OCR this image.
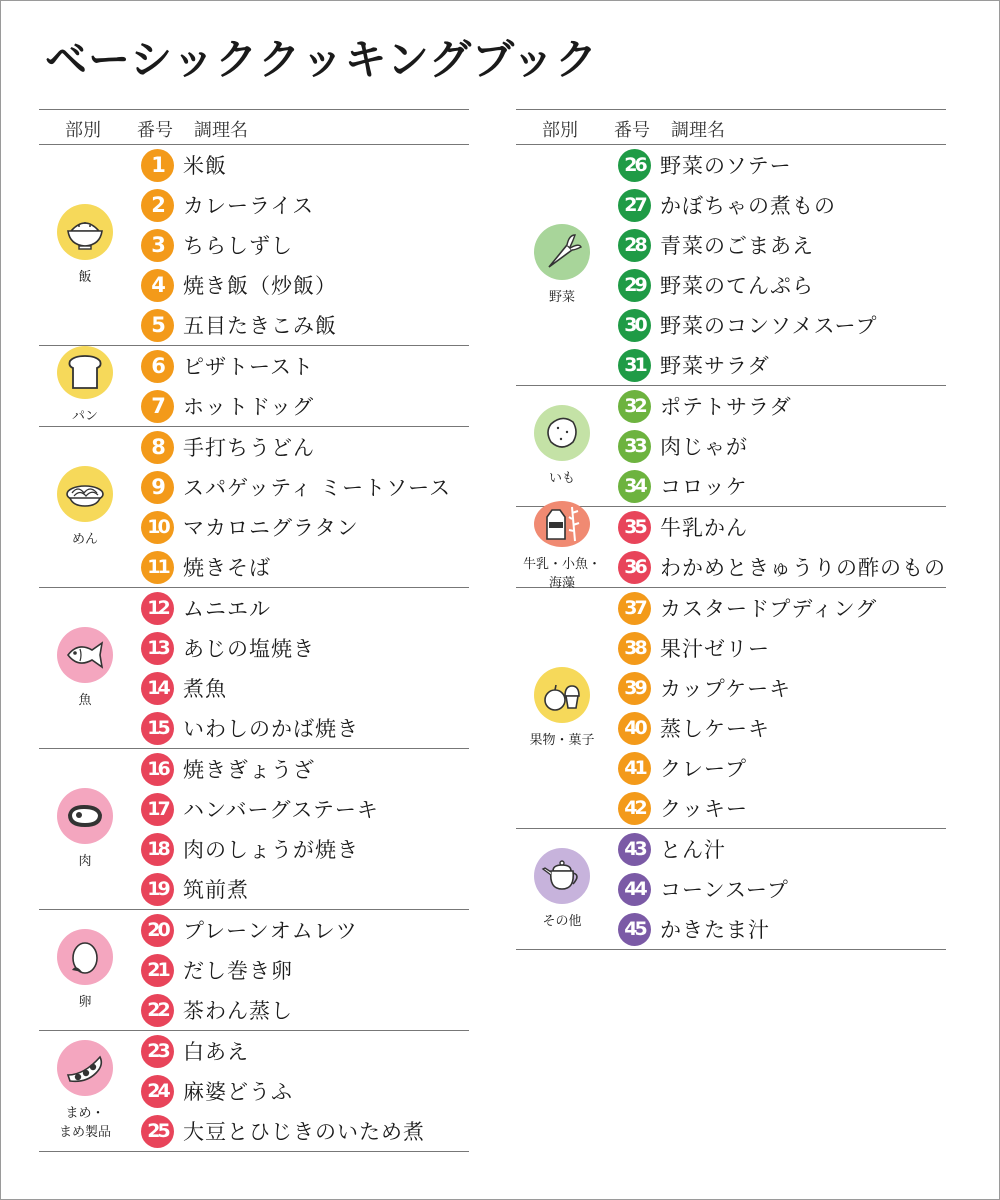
ベーシッククッキングブック
部別 番号 調理名
飯
1 米飯
2 カレーライス
3 ちらしずし
4 焼き飯（炒飯）
5 五目たきこみ飯
パン
6 ピザトースト
7 ホットドッグ
めん
8 手打ちうどん
9 スパゲッティ ミートソース
10 マカロニグラタン
11 焼きそば
魚
12 ムニエル
13 あじの塩焼き
14 煮魚
15 いわしのかば焼き
肉
16 焼きぎょうざ
17 ハンバーグステーキ
18 肉のしょうが焼き
19 筑前煮
卵
20 プレーンオムレツ
21 だし巻き卵
22 茶わん蒸し
まめ・
まめ製品
23 白あえ
24 麻婆どうふ
25 大豆とひじきのいため煮
部別 番号 調理名
野菜
26 野菜のソテー
27 かぼちゃの煮もの
28 青菜のごまあえ
29 野菜のてんぷら
30 野菜のコンソメスープ
31 野菜サラダ
いも
32 ポテトサラダ
33 肉じゃが
34 コロッケ
牛乳・小魚・
海藻
35 牛乳かん
36 わかめときゅうりの酢のもの
果物・菓子
37 カスタードプディング
38 果汁ゼリー
39 カップケーキ
40 蒸しケーキ
41 クレープ
42 クッキー
その他
43 とん汁
44 コーンスープ
45 かきたま汁
